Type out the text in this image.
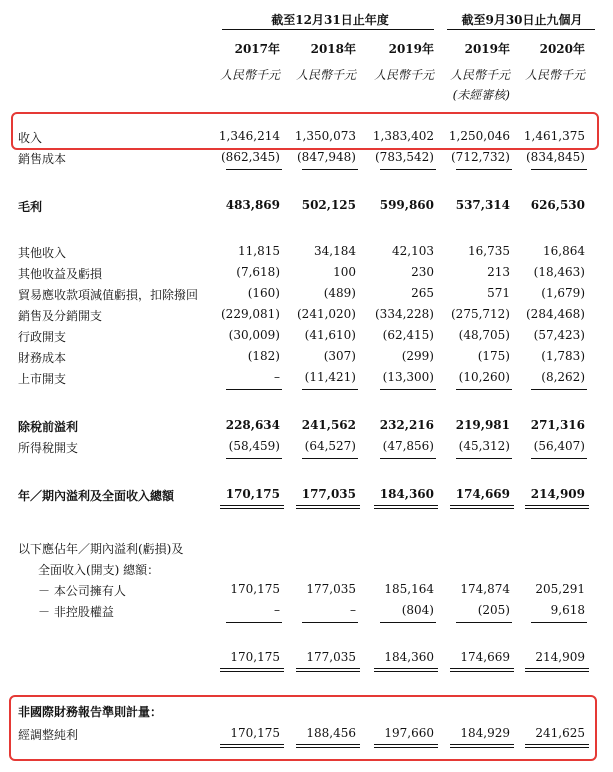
截至12月31日止年度	截至9月30日止九個月
2017年	2018年	2019年	2019年	2020年
人民幣千元	人民幣千元	人民幣千元	人民幣千元	人民幣千元
(未經審核)
收入	1,346,214	1,350,073	1,383,402	1,250,046	1,461,375
銷售成本	(862,345)	(847,948)	(783,542)	(712,732)	(834,845)
毛利	483,869	502,125	599,860	537,314	626,530
其他收入	11,815	34,184	42,103	16,735	16,864
其他收益及虧損	(7,618)	100	230	213	(18,463)
貿易應收款項減值虧損，扣除撥回	(160)	(489)	265	571	(1,679)
銷售及分銷開支	(229,081)	(241,020)	(334,228)	(275,712)	(284,468)
行政開支	(30,009)	(41,610)	(62,415)	(48,705)	(57,423)
財務成本	(182)	(307)	(299)	(175)	(1,783)
上市開支	–	(11,421)	(13,300)	(10,260)	(8,262)
除稅前溢利	228,634	241,562	232,216	219,981	271,316
所得稅開支	(58,459)	(64,527)	(47,856)	(45,312)	(56,407)
年／期內溢利及全面收入總額	170,175	177,035	184,360	174,669	214,909
以下應佔年／期內溢利(虧損)及
全面收入(開支) 總額：
－ 本公司擁有人	170,175	177,035	185,164	174,874	205,291
－ 非控股權益	–	–	(804)	(205)	9,618
170,175	177,035	184,360	174,669	214,909
非國際財務報告準則計量：
經調整純利	170,175	188,456	197,660	184,929	241,625
